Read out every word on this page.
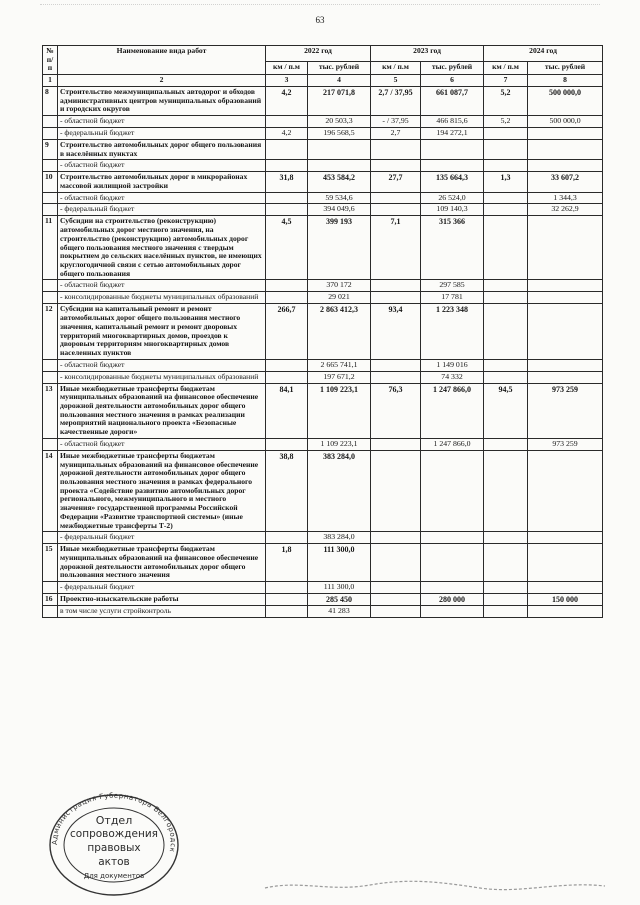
63
№ п/п	Наименование вида работ	2022 год		2023 год		2024 год	
		км / п.м	тыс. рублей	км / п.м	тыс. рублей	км / п.м	тыс. рублей
1	2	3	4	5	6	7	8
8	Строительство межмуниципальных автодорог и обходов административных центров муниципальных образований и городских округов	4,2	217 071,8	2,7 / 37,95	661 087,7	5,2	500 000,0
	- областной бюджет		20 503,3	- / 37,95	466 815,6	5,2	500 000,0
	- федеральный бюджет	4,2	196 568,5	2,7	194 272,1		
9	Строительство автомобильных дорог общего пользования в населённых пунктах						
	- областной бюджет						
10	Строительство автомобильных дорог в микрорайонах массовой жилищной застройки	31,8	453 584,2	27,7	135 664,3	1,3	33 607,2
	- областной бюджет		59 534,6		26 524,0		1 344,3
	- федеральный бюджет		394 049,6		109 140,3		32 262,9
11	Субсидии на строительство (реконструкцию) автомобильных дорог местного значения, на строительство (реконструкцию) автомобильных дорог общего пользования местного значения с твердым покрытием до сельских населённых пунктов, не имеющих круглогодичной связи с сетью автомобильных дорог общего пользования	4,5	399 193	7,1	315 366		
	- областной бюджет		370 172		297 585		
	- консолидированные бюджеты муниципальных образований		29 021		17 781		
12	Субсидии на капитальный ремонт и ремонт автомобильных дорог общего пользования местного значения, капитальный ремонт и ремонт дворовых территорий многоквартирных домов, проездов к дворовым территориям многоквартирных домов населенных пунктов	266,7	2 863 412,3	93,4	1 223 348		
	- областной бюджет		2 665 741,1		1 149 016		
	- консолидированные бюджеты муниципальных образований		197 671,2		74 332		
13	Иные межбюджетные трансферты бюджетам муниципальных образований на финансовое обеспечение дорожной деятельности автомобильных дорог общего пользования местного значения в рамках реализации мероприятий национального проекта «Безопасные качественные дороги»	84,1	1 109 223,1	76,3	1 247 866,0	94,5	973 259
	- областной бюджет		1 109 223,1		1 247 866,0		973 259
14	Иные межбюджетные трансферты бюджетам муниципальных образований на финансовое обеспечение дорожной деятельности автомобильных дорог общего пользования местного значения в рамках федерального проекта «Содействие развитию автомобильных дорог регионального, межмуниципального и местного значения» государственной программы Российской Федерации «Развитие транспортной системы» (иные межбюджетные трансферты Т-2)	38,8	383 284,0				
	- федеральный бюджет		383 284,0				
15	Иные межбюджетные трансферты бюджетам муниципальных образований на финансовое обеспечение дорожной деятельности автомобильных дорог общего пользования местного значения	1,8	111 300,0				
	- федеральный бюджет		111 300,0				
16	Проектно-изыскательские работы		285 450		280 000		150 000
	в том числе услуги стройконтроль		41 283				
Администрация Губернатора Белгородск
Отдел
сопровождения
правовых
актов
Для документов
